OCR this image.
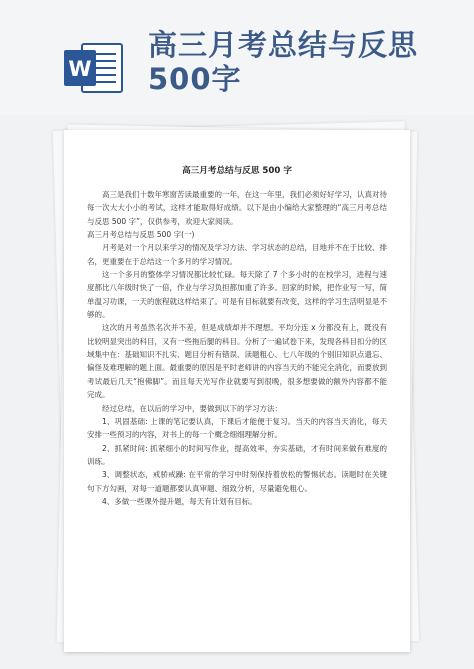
W
高三月考总结与反思500字
高三月考总结与反思 500 字

高三是我们十数年寒窗苦读最重要的一年，在这一年里，我们必须好好学习，认真对待每一次大大小小的考试，这样才能取得好成绩。以下是由小编给大家整理的“高三月考总结与反思 500 字”，仅供参考，欢迎大家阅读。

高三月考总结与反思 500 字(一)

月考是对一个月以来学习的情况及学习方法、学习状态的总结，目地并不在于比较、排名，更重要在于总结这一个多月的学习情况。

这一个多月的整体学习情况都比较忙碌。每天除了 7 个多小时的在校学习，进程与速度都比八年级时快了一倍，作业与学习负担都加重了许多。回家的时候，把作业写一写，简单温习功课，一天的旅程就这样结束了。可是有目标就要有改变，这样的学习生活明显是不够的。

这次的月考虽然名次并不差，但是成绩却并不理想。平均分连 x 分都没有上，既没有比较明显突出的科目，又有一些拖后腿的科目。分析了一遍试卷下来，发现各科目扣分的区域集中在：基础知识不扎实、题目分析有错误、读题粗心、七八年级的个别旧知识点遗忘、偏怪及难理解的题上面。最重要的原因是平时老师讲的内容当天的不能完全消化，而要放到考试最后几天“抱佛脚”。而且每天光写作业就要写到很晚，很多想要做的额外内容都不能完成。

经过总结，在以后的学习中，要做到以下的学习方法：

1、巩固基础: 上课的笔记要认真，下课后才能便于复习。当天的内容当天消化，每天安排一些预习的内容，对书上的每一个概念细细理解分析。

2、抓紧时间: 抓紧细小的时间写作业，提高效率，夯实基础，才有时间来做有难度的训练。

3、调整状态，戒骄戒躁: 在平常的学习中时刻保持着放松的警惕状态。读题时在关键句下方勾画，对每一道题都要认真审题、细致分析，尽量避免粗心。

4、多做一些课外提升题，每天有计划有目标。
